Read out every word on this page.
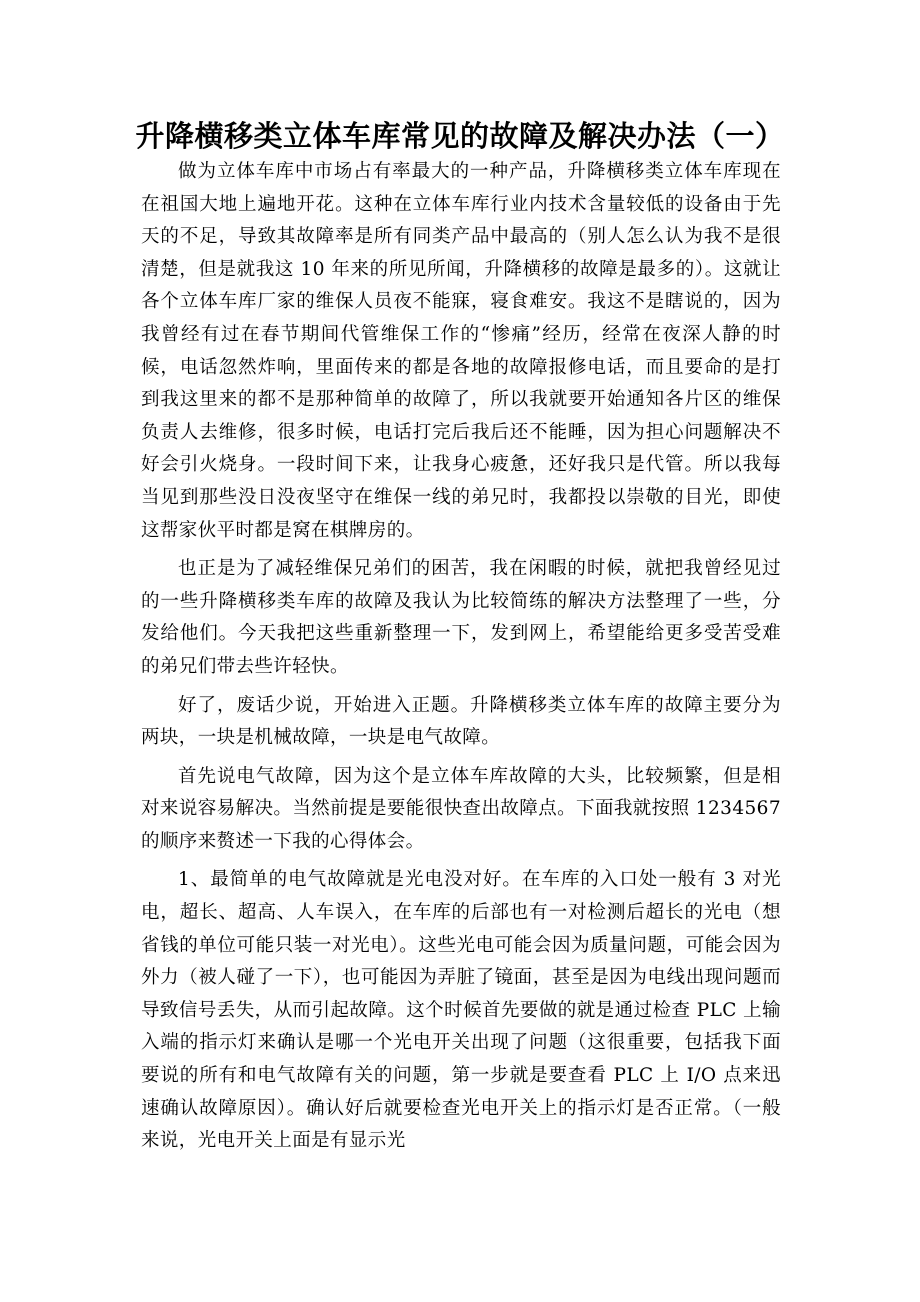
升降横移类立体车库常见的故障及解决办法（一）

做为立体车库中市场占有率最大的一种产品，升降横移类立体车库现在在祖国大地上遍地开花。这种在立体车库行业内技术含量较低的设备由于先天的不足，导致其故障率是所有同类产品中最高的（别人怎么认为我不是很清楚，但是就我这 10 年来的所见所闻，升降横移的故障是最多的）。这就让各个立体车库厂家的维保人员夜不能寐，寝食难安。我这不是瞎说的，因为我曾经有过在春节期间代管维保工作的“惨痛”经历，经常在夜深人静的时候，电话忽然炸响，里面传来的都是各地的故障报修电话，而且要命的是打到我这里来的都不是那种简单的故障了，所以我就要开始通知各片区的维保负责人去维修，很多时候，电话打完后我后还不能睡，因为担心问题解决不好会引火烧身。一段时间下来，让我身心疲惫，还好我只是代管。所以我每当见到那些没日没夜坚守在维保一线的弟兄时，我都投以崇敬的目光，即使这帮家伙平时都是窝在棋牌房的。

也正是为了减轻维保兄弟们的困苦，我在闲暇的时候，就把我曾经见过的一些升降横移类车库的故障及我认为比较简练的解决方法整理了一些，分发给他们。今天我把这些重新整理一下，发到网上，希望能给更多受苦受难的弟兄们带去些许轻快。

好了，废话少说，开始进入正题。升降横移类立体车库的故障主要分为两块，一块是机械故障，一块是电气故障。

首先说电气故障，因为这个是立体车库故障的大头，比较频繁，但是相对来说容易解决。当然前提是要能很快查出故障点。下面我就按照 1234567 的顺序来赘述一下我的心得体会。

1、最简单的电气故障就是光电没对好。在车库的入口处一般有 3 对光电，超长、超高、人车误入，在车库的后部也有一对检测后超长的光电（想省钱的单位可能只装一对光电）。这些光电可能会因为质量问题，可能会因为外力（被人碰了一下），也可能因为弄脏了镜面，甚至是因为电线出现问题而导致信号丢失，从而引起故障。这个时候首先要做的就是通过检查 PLC 上输入端的指示灯来确认是哪一个光电开关出现了问题（这很重要，包括我下面要说的所有和电气故障有关的问题，第一步就是要查看 PLC 上 I/O 点来迅速确认故障原因）。确认好后就要检查光电开关上的指示灯是否正常。（一般来说，光电开关上面是有显示光
